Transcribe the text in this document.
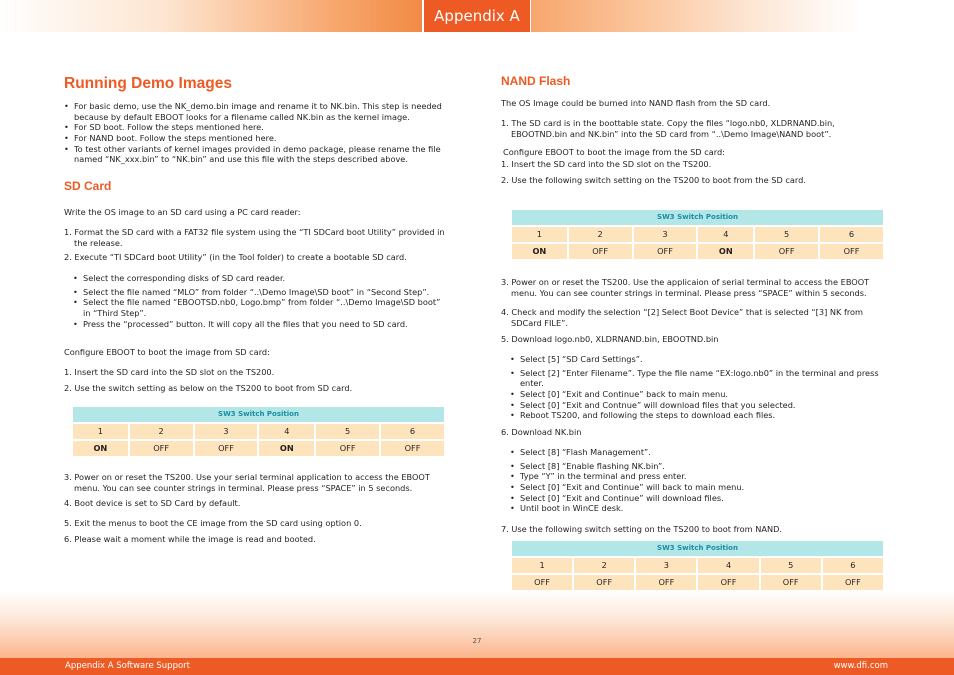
Appendix A
Running Demo Images
• For basic demo, use the NK_demo.bin image and rename it to NK.bin. This step is needed because by default EBOOT looks for a filename called NK.bin as the kernel image.
• For SD boot. Follow the steps mentioned here.
• For NAND boot. Follow the steps mentioned here.
• To test other variants of kernel images provided in demo package, please rename the file named “NK_xxx.bin” to “NK.bin” and use this file with the steps described above.
SD Card
Write the OS image to an SD card using a PC card reader:
1. Format the SD card with a FAT32 file system using the “TI SDCard boot Utility” provided in the release.
2. Execute “TI SDCard boot Utility” (in the Tool folder) to create a bootable SD card.
• Select the corresponding disks of SD card reader.
• Select the file named “MLO” from folder “..\Demo Image\SD boot” in “Second Step”.
• Select the file named “EBOOTSD.nb0, Logo.bmp” from folder “..\Demo Image\SD boot” in “Third Step”.
• Press the “processed” button. It will copy all the files that you need to SD card.
Configure EBOOT to boot the image from SD card:
1. Insert the SD card into the SD slot on the TS200.
2. Use the switch setting as below on the TS200 to boot from SD card.
SW3 Switch Position					
1	2	3	4	5	6
ON	OFF	OFF	ON	OFF	OFF
3. Power on or reset the TS200. Use your serial terminal application to access the EBOOT menu. You can see counter strings in terminal. Please press “SPACE” in 5 seconds.
4. Boot device is set to SD Card by default.
5. Exit the menus to boot the CE image from the SD card using option 0.
6. Please wait a moment while the image is read and booted.
NAND Flash
The OS Image could be burned into NAND flash from the SD card.
1. The SD card is in the boottable state. Copy the files “logo.nb0, XLDRNAND.bin, EBOOTND.bin and NK.bin” into the SD card from “..\Demo Image\NAND boot”.
Configure EBOOT to boot the image from the SD card:
1. Insert the SD card into the SD slot on the TS200.
2. Use the following switch setting on the TS200 to boot from the SD card.
SW3 Switch Position					
1	2	3	4	5	6
ON	OFF	OFF	ON	OFF	OFF
3. Power on or reset the TS200. Use the applicaion of serial terminal to access the EBOOT menu. You can see counter strings in terminal. Please press “SPACE” within 5 seconds.
4. Check and modify the selection “[2] Select Boot Device” that is selected “[3] NK from SDCard FILE”.
5. Download logo.nb0, XLDRNAND.bin, EBOOTND.bin
• Select [5] “SD Card Settings”.
• Select [2] “Enter Filename”. Type the file name “EX:logo.nb0” in the terminal and press enter.
• Select [0] “Exit and Continue” back to main menu.
• Select [0] “Exit and Contnue” will download files that you selected.
• Reboot TS200, and following the steps to download each files.
6. Download NK.bin
• Select [8] “Flash Management”.
• Select [8] “Enable flashing NK.bin”.
• Type “Y” in the terminal and press enter.
• Select [0] “Exit and Continue” will back to main menu.
• Select [0] “Exit and Continue” will download files.
• Until boot in WinCE desk.
7. Use the following switch setting on the TS200 to boot from NAND.
SW3 Switch Position					
1	2	3	4	5	6
OFF	OFF	OFF	OFF	OFF	OFF
27
Appendix A Software Support	www.dfi.com
